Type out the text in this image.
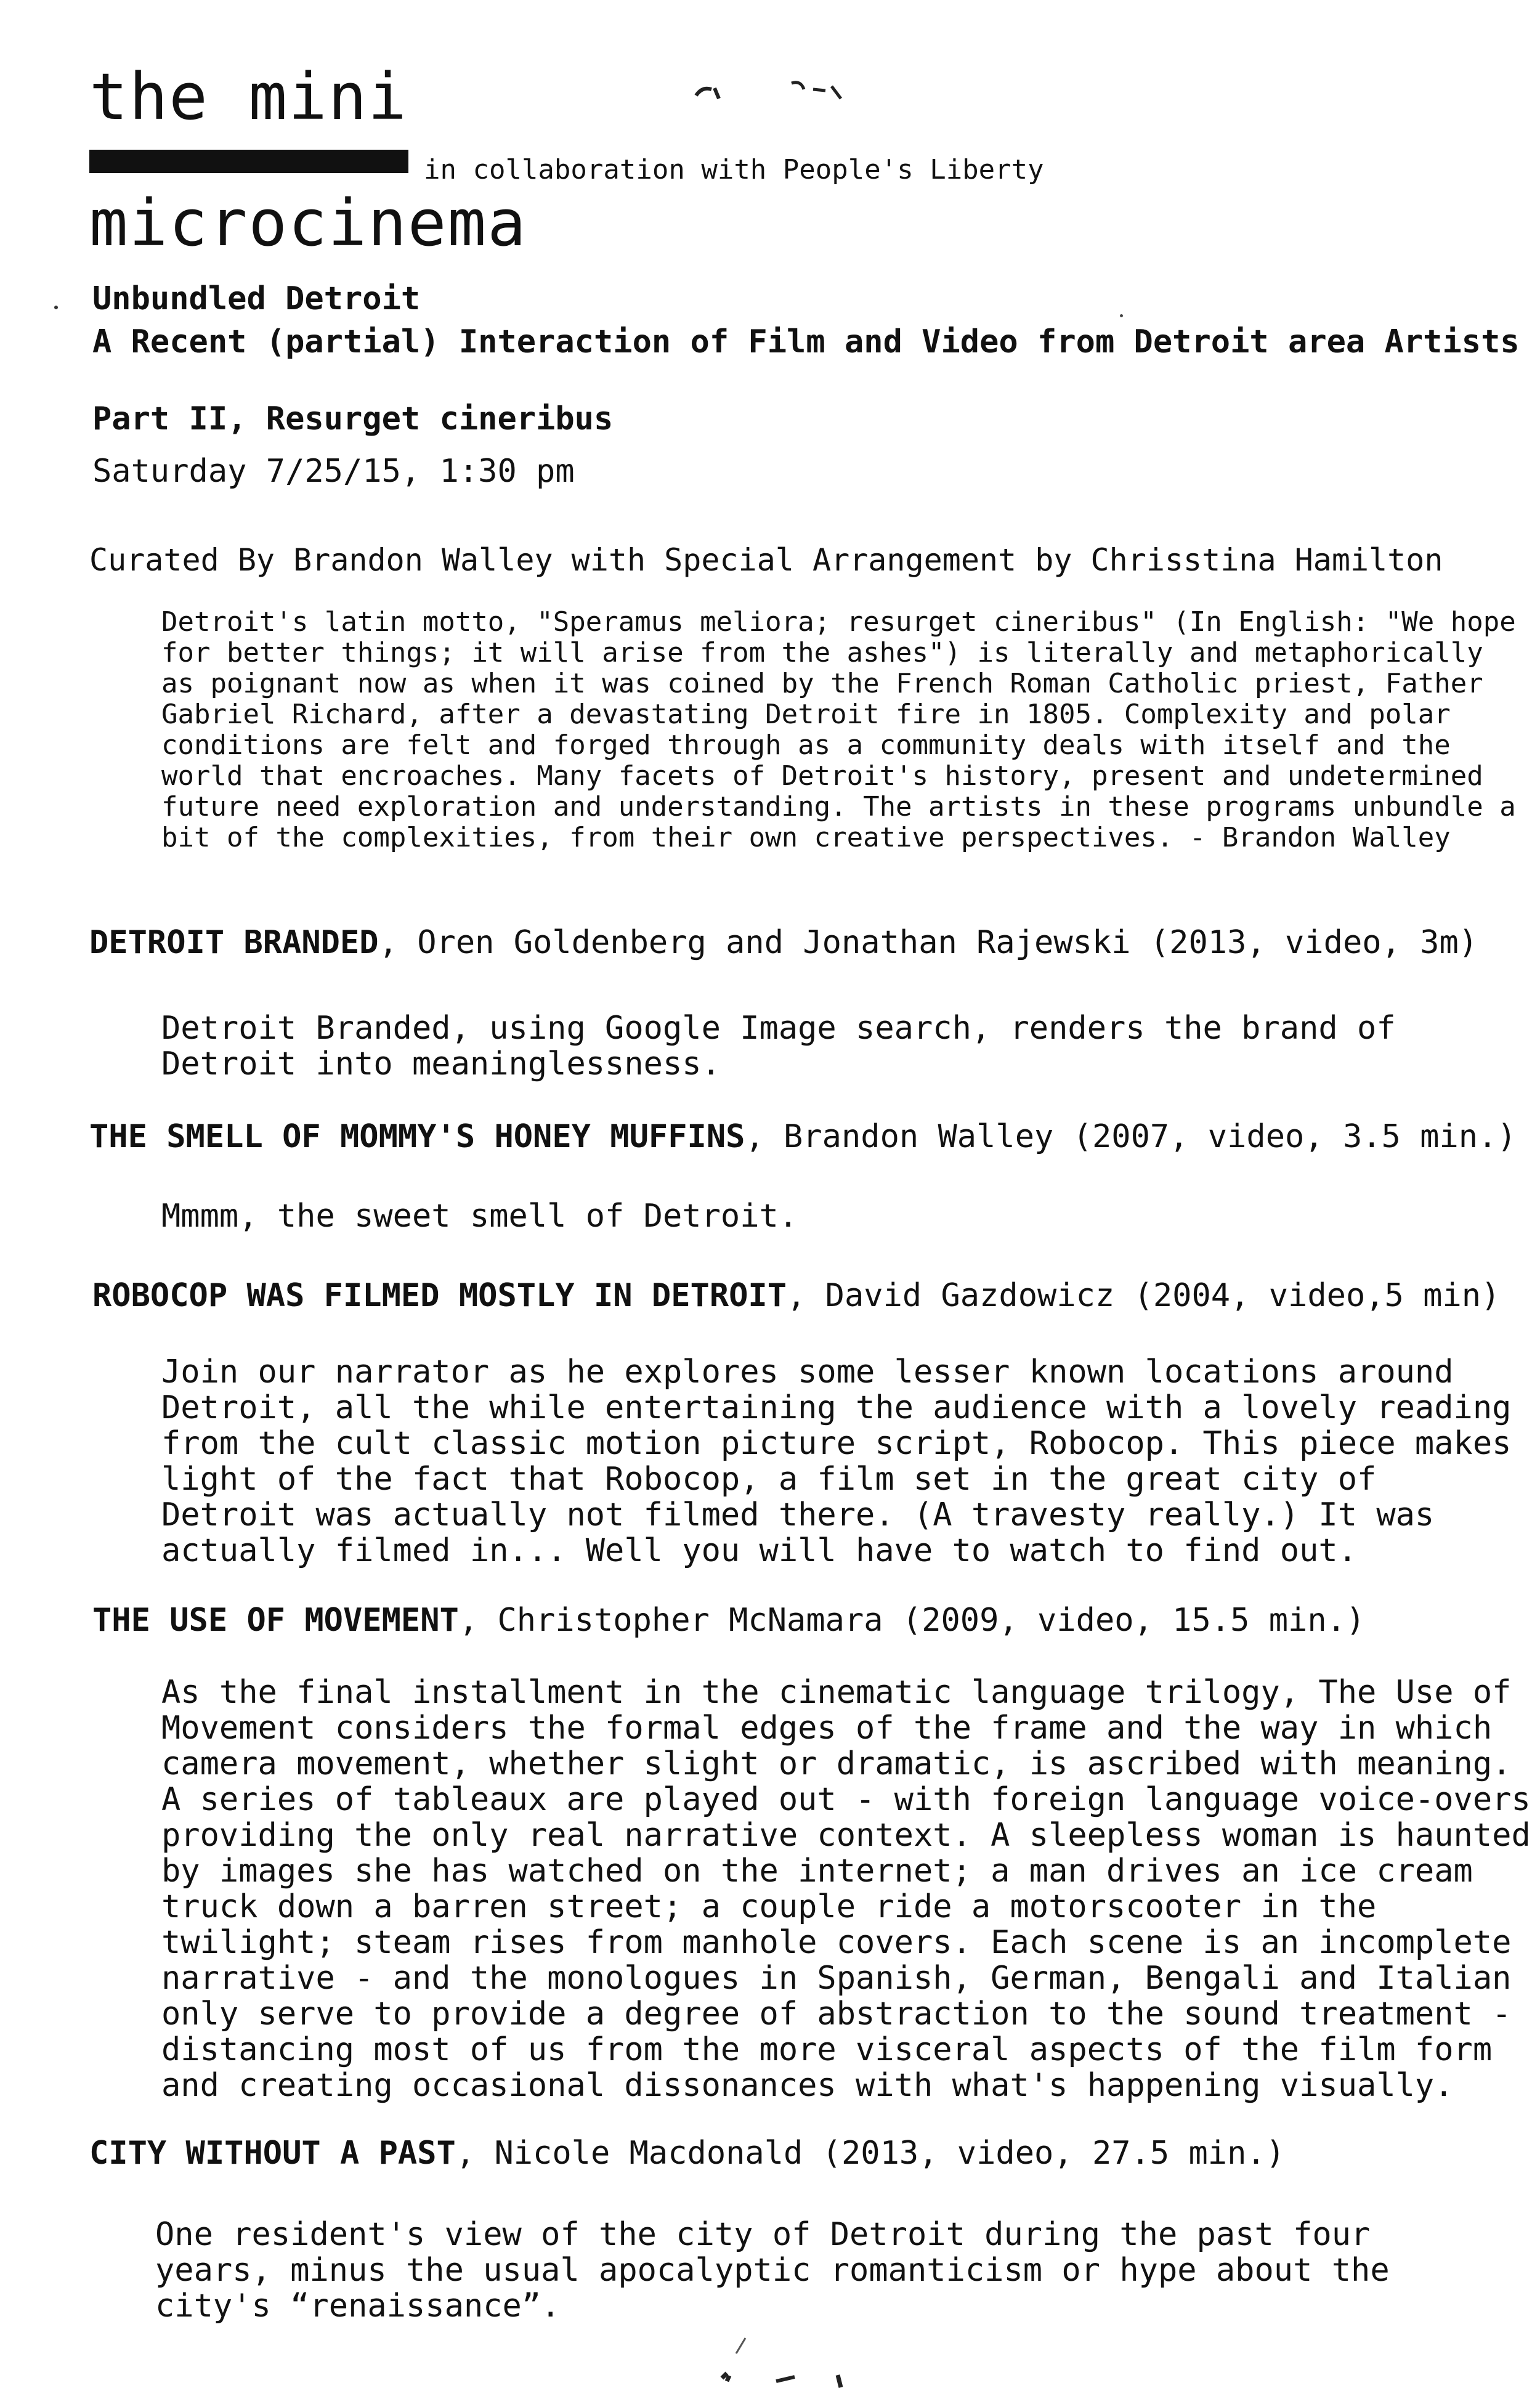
the mini
in collaboration with People's Liberty
microcinema
Unbundled Detroit
A Recent (partial) Interaction of Film and Video from Detroit area Artists
Part II, Resurget cineribus
Saturday 7/25/15, 1:30 pm
Curated By Brandon Walley with Special Arrangement by Chrisstina Hamilton
Detroit's latin motto, "Speramus meliora; resurget cineribus" (In English: "We hope for better things; it will arise from the ashes") is literally and metaphorically as poignant now as when it was coined by the French Roman Catholic priest, Father Gabriel Richard, after a devastating Detroit fire in 1805. Complexity and polar conditions are felt and forged through as a community deals with itself and the world that encroaches. Many facets of Detroit's history, present and undetermined future need exploration and understanding. The artists in these programs unbundle a bit of the complexities, from their own creative perspectives. - Brandon Walley
DETROIT BRANDED, Oren Goldenberg and Jonathan Rajewski (2013, video, 3m)
Detroit Branded, using Google Image search, renders the brand of Detroit into meaninglessness.
THE SMELL OF MOMMY'S HONEY MUFFINS, Brandon Walley (2007, video, 3.5 min.)
Mmmm, the sweet smell of Detroit.
ROBOCOP WAS FILMED MOSTLY IN DETROIT, David Gazdowicz (2004, video,5 min)
Join our narrator as he explores some lesser known locations around Detroit, all the while entertaining the audience with a lovely reading from the cult classic motion picture script, Robocop. This piece makes light of the fact that Robocop, a film set in the great city of Detroit was actually not filmed there. (A travesty really.) It was actually filmed in... Well you will have to watch to find out.
THE USE OF MOVEMENT, Christopher McNamara (2009, video, 15.5 min.)
As the final installment in the cinematic language trilogy, The Use of Movement considers the formal edges of the frame and the way in which camera movement, whether slight or dramatic, is ascribed with meaning. A series of tableaux are played out - with foreign language voice-overs providing the only real narrative context. A sleepless woman is haunted by images she has watched on the internet; a man drives an ice cream truck down a barren street; a couple ride a motorscooter in the twilight; steam rises from manhole covers. Each scene is an incomplete narrative - and the monologues in Spanish, German, Bengali and Italian only serve to provide a degree of abstraction to the sound treatment - distancing most of us from the more visceral aspects of the film form and creating occasional dissonances with what's happening visually.
CITY WITHOUT A PAST, Nicole Macdonald (2013, video, 27.5 min.)
One resident's view of the city of Detroit during the past four years, minus the usual apocalyptic romanticism or hype about the city's “renaissance”.
